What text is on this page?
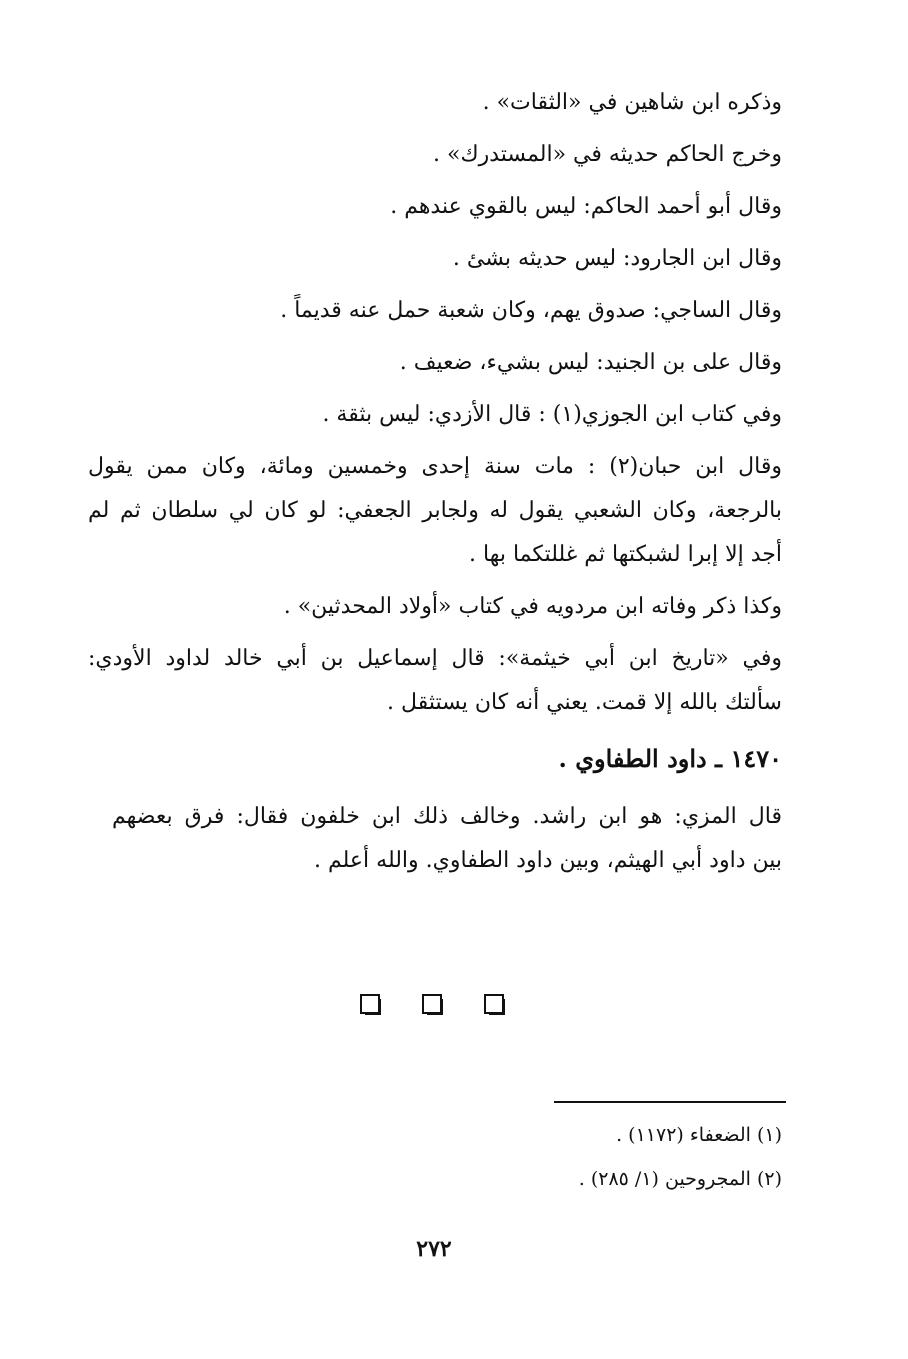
وذكره ابن شاهين في «الثقات» .
وخرج الحاكم حديثه في «المستدرك» .
وقال أبو أحمد الحاكم: ليس بالقوي عندهم .
وقال ابن الجارود: ليس حديثه بشئ .
وقال الساجي: صدوق يهم، وكان شعبة حمل عنه قديماً .
وقال على بن الجنيد: ليس بشيء، ضعيف .
وفي كتاب ابن الجوزي(١) : قال الأزدي: ليس بثقة .
وقال ابن حبان(٢) : مات سنة إحدى وخمسين ومائة، وكان ممن يقول
بالرجعة، وكان الشعبي يقول له ولجابر الجعفي: لو كان لي سلطان ثم لم
أجد إلا إبرا لشبكتها ثم غللتكما بها .
وكذا ذكر وفاته ابن مردويه في كتاب «أولاد المحدثين» .
وفي «تاريخ ابن أبي خيثمة»: قال إسماعيل بن أبي خالد لداود الأودي:
سألتك بالله إلا قمت. يعني أنه كان يستثقل .
١٤٧٠ ـ داود الطفاوي .
قال المزي: هو ابن راشد. وخالف ذلك ابن خلفون فقال: فرق بعضهم
بين داود أبي الهيثم، وبين داود الطفاوي. والله أعلم .
(١) الضعفاء (١١٧٢) .
(٢) المجروحين (١/ ٢٨٥) .
٢٧٢
